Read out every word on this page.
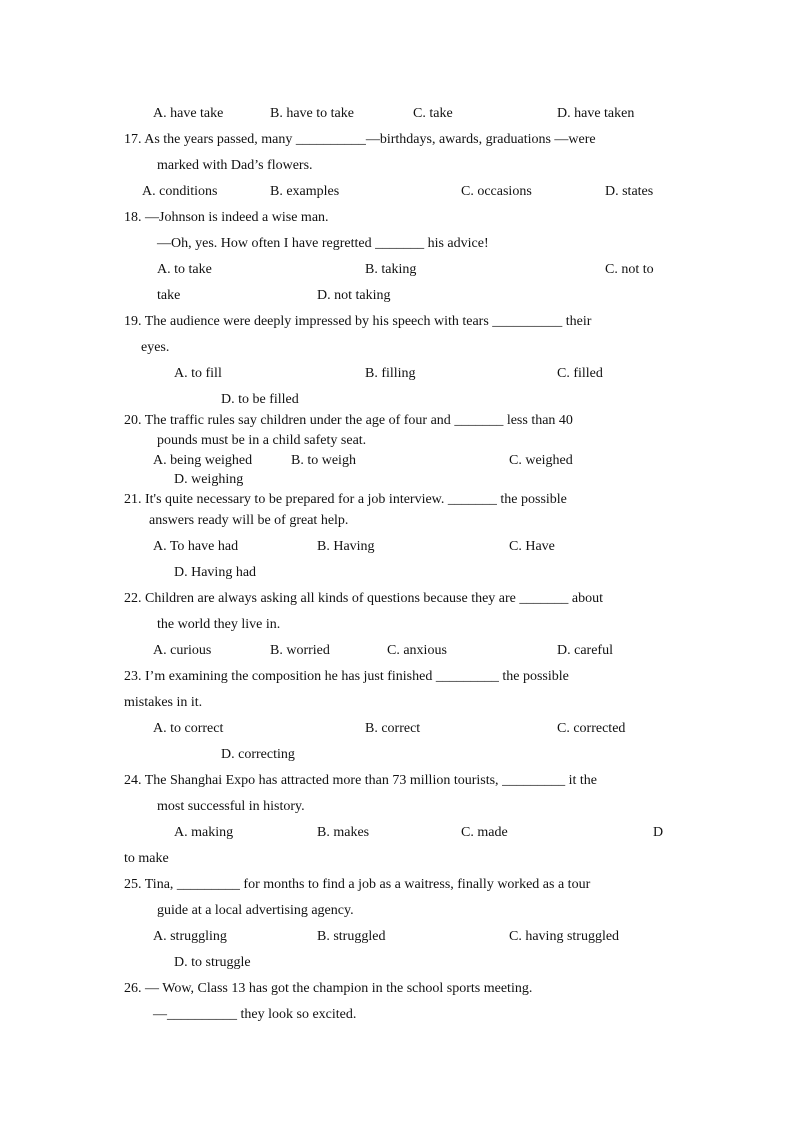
A. have take	B. have to take	C. take	D. have taken
17. As the years passed, many __________—birthdays, awards, graduations —were
marked with Dad’s flowers.
A. conditions	B. examples	C. occasions	D. states
18. —Johnson is indeed a wise man.
—Oh, yes. How often I have regretted _______ his advice!
A. to take	B. taking	C. not to
take	D. not taking
19. The audience were deeply impressed by his speech with tears __________ their
eyes.
A. to fill	B. filling	C. filled
D. to be filled
20. The traffic rules say children under the age of four and _______ less than 40
pounds must be in a child safety seat.
A. being weighed	B. to weigh	C. weighed
D. weighing
21. It's quite necessary to be prepared for a job interview. _______ the possible
answers ready will be of great help.
A. To have had	B. Having	C. Have
D. Having had
22. Children are always asking all kinds of questions because they are _______ about
the world they live in.
A. curious	B. worried	C. anxious	D. careful
23. I’m examining the composition he has just finished _________ the possible
mistakes in it.
A. to correct	B. correct	C. corrected
D. correcting
24. The Shanghai Expo has attracted more than 73 million tourists, _________ it the
most successful in history.
A. making	B. makes	C. made	D
to make
25. Tina, _________ for months to find a job as a waitress, finally worked as a tour
guide at a local advertising agency.
A. struggling	B. struggled	C. having struggled
D. to struggle
26. — Wow, Class 13 has got the champion in the school sports meeting.
—__________ they look so excited.
